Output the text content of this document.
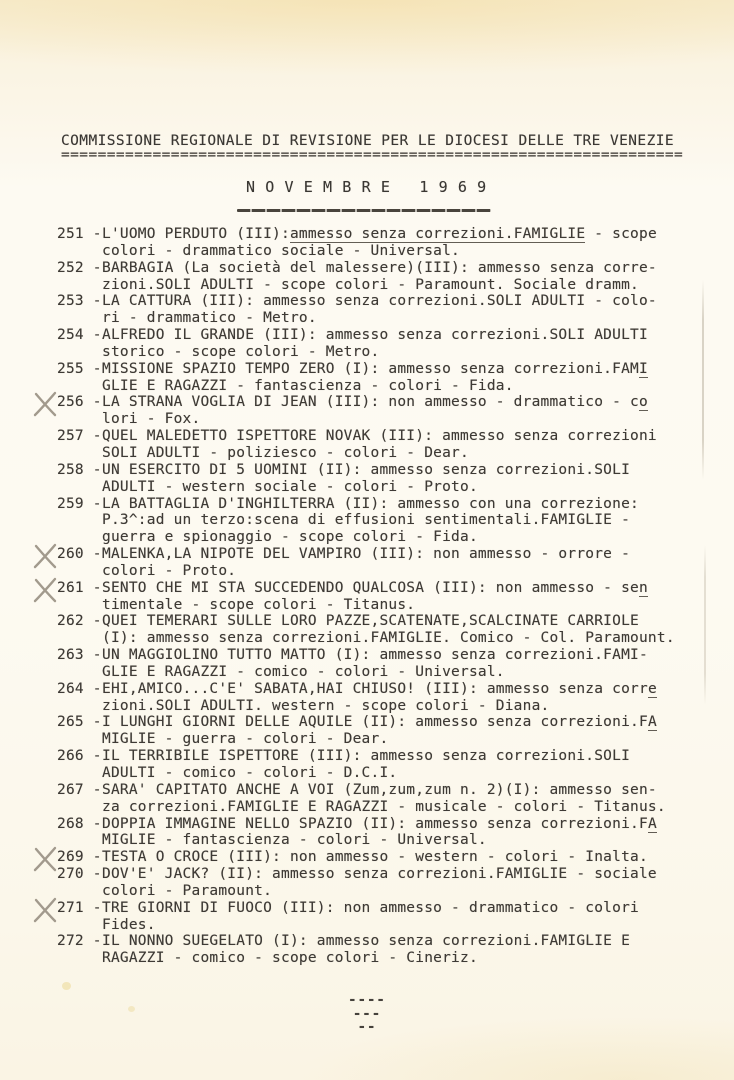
COMMISSIONE REGIONALE DI REVISIONE PER LE DIOCESI DELLE TRE VENEZIE
====================================================================
N O V E M B R E   1 9 6 9
251 - L'UOMO PERDUTO (III):ammesso senza correzioni.FAMIGLIE - scope
colori - drammatico sociale - Universal.
252 - BARBAGIA (La società del malessere)(III): ammesso senza corre-
zioni.SOLI ADULTI - scope colori - Paramount. Sociale dramm.
253 - LA CATTURA (III): ammesso senza correzioni.SOLI ADULTI - colo-
ri - drammatico - Metro.
254 - ALFREDO IL GRANDE (III): ammesso senza correzioni.SOLI ADULTI
storico - scope colori - Metro.
255 - MISSIONE SPAZIO TEMPO ZERO (I): ammesso senza correzioni.FAMI
GLIE E RAGAZZI - fantascienza - colori - Fida.
256 - LA STRANA VOGLIA DI JEAN (III): non ammesso - drammatico - co
lori - Fox.
257 - QUEL MALEDETTO ISPETTORE NOVAK (III): ammesso senza correzioni
SOLI ADULTI - poliziesco - colori - Dear.
258 - UN ESERCITO DI 5 UOMINI (II): ammesso senza correzioni.SOLI
ADULTI - western sociale - colori - Proto.
259 - LA BATTAGLIA D'INGHILTERRA (II): ammesso con una correzione:
P.3^:ad un terzo:scena di effusioni sentimentali.FAMIGLIE -
guerra e spionaggio - scope colori - Fida.
260 - MALENKA,LA NIPOTE DEL VAMPIRO (III): non ammesso - orrore -
colori - Proto.
261 - SENTO CHE MI STA SUCCEDENDO QUALCOSA (III): non ammesso - sen
timentale - scope colori - Titanus.
262 - QUEI TEMERARI SULLE LORO PAZZE,SCATENATE,SCALCINATE CARRIOLE
(I): ammesso senza correzioni.FAMIGLIE. Comico - Col. Paramount.
263 - UN MAGGIOLINO TUTTO MATTO (I): ammesso senza correzioni.FAMI-
GLIE E RAGAZZI - comico - colori - Universal.
264 - EHI,AMICO...C'E' SABATA,HAI CHIUSO! (III): ammesso senza corre
zioni.SOLI ADULTI. western - scope colori - Diana.
265 - I LUNGHI GIORNI DELLE AQUILE (II): ammesso senza correzioni.FA
MIGLIE - guerra - colori - Dear.
266 - IL TERRIBILE ISPETTORE (III): ammesso senza correzioni.SOLI
ADULTI - comico - colori - D.C.I.
267 - SARA' CAPITATO ANCHE A VOI (Zum,zum,zum n. 2)(I): ammesso sen-
za correzioni.FAMIGLIE E RAGAZZI - musicale - colori - Titanus.
268 - DOPPIA IMMAGINE NELLO SPAZIO (II): ammesso senza correzioni.FA
MIGLIE - fantascienza - colori - Universal.
269 - TESTA O CROCE (III): non ammesso - western - colori - Inalta.
270 - DOV'E' JACK? (II): ammesso senza correzioni.FAMIGLIE - sociale
colori - Paramount.
271 - TRE GIORNI DI FUOCO (III): non ammesso - drammatico - colori
Fides.
272 - IL NONNO SUEGELATO (I): ammesso senza correzioni.FAMIGLIE E
RAGAZZI - comico - scope colori - Cineriz.
----
---
--
